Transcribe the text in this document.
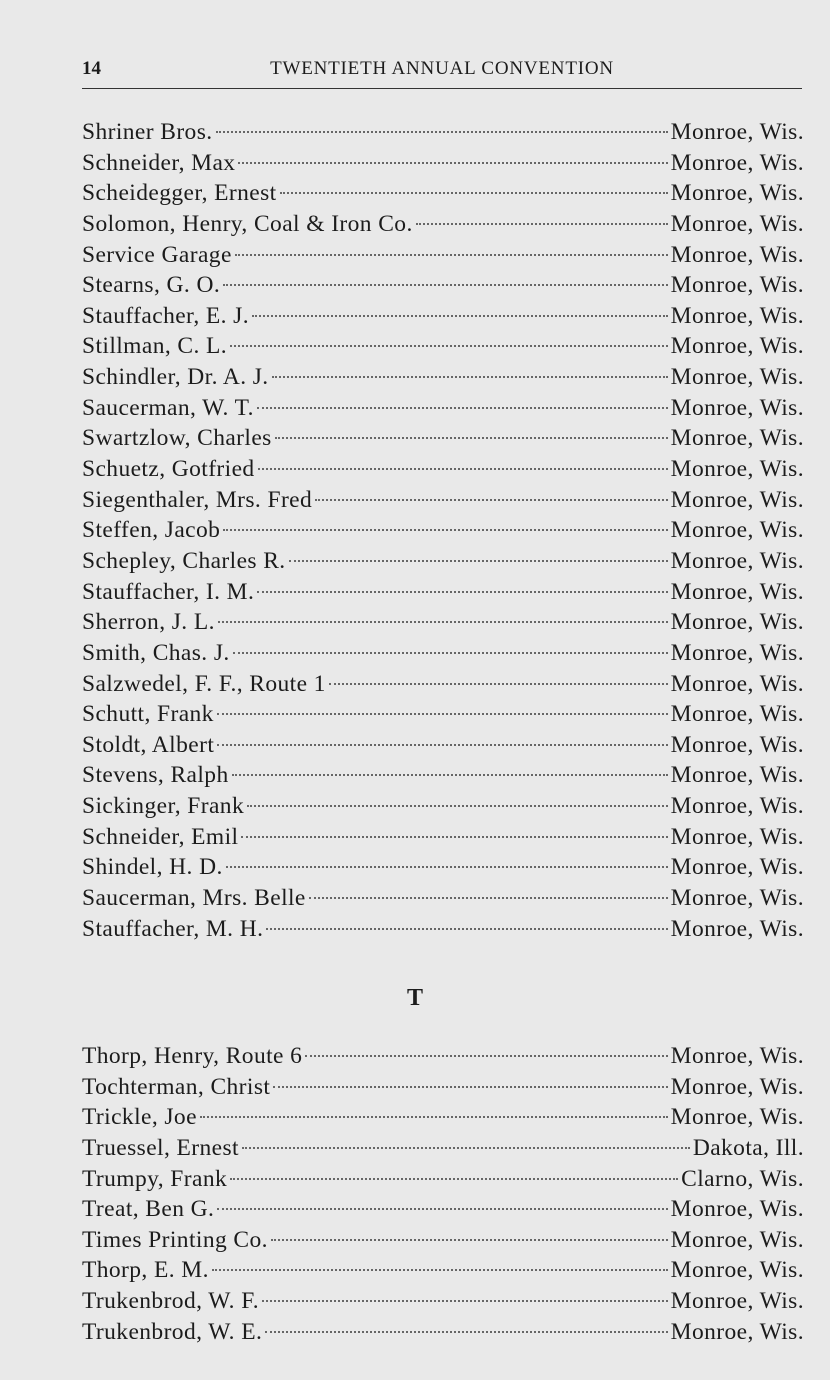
14	TWENTIETH ANNUAL CONVENTION
Shriner Bros.	Monroe, Wis.
Schneider, Max	Monroe, Wis.
Scheidegger, Ernest	Monroe, Wis.
Solomon, Henry, Coal & Iron Co.	Monroe, Wis.
Service Garage	Monroe, Wis.
Stearns, G. O.	Monroe, Wis.
Stauffacher, E. J.	Monroe, Wis.
Stillman, C. L.	Monroe, Wis.
Schindler, Dr. A. J.	Monroe, Wis.
Saucerman, W. T.	Monroe, Wis.
Swartzlow, Charles	Monroe, Wis.
Schuetz, Gotfried	Monroe, Wis.
Siegenthaler, Mrs. Fred	Monroe, Wis.
Steffen, Jacob	Monroe, Wis.
Schepley, Charles R.	Monroe, Wis.
Stauffacher, I. M.	Monroe, Wis.
Sherron, J. L.	Monroe, Wis.
Smith, Chas. J.	Monroe, Wis.
Salzwedel, F. F., Route 1	Monroe, Wis.
Schutt, Frank	Monroe, Wis.
Stoldt, Albert	Monroe, Wis.
Stevens, Ralph	Monroe, Wis.
Sickinger, Frank	Monroe, Wis.
Schneider, Emil	Monroe, Wis.
Shindel, H. D.	Monroe, Wis.
Saucerman, Mrs. Belle	Monroe, Wis.
Stauffacher, M. H.	Monroe, Wis.
T
Thorp, Henry, Route 6	Monroe, Wis.
Tochterman, Christ	Monroe, Wis.
Trickle, Joe	Monroe, Wis.
Truessel, Ernest	Dakota, Ill.
Trumpy, Frank	Clarno, Wis.
Treat, Ben G.	Monroe, Wis.
Times Printing Co.	Monroe, Wis.
Thorp, E. M.	Monroe, Wis.
Trukenbrod, W. F.	Monroe, Wis.
Trukenbrod, W. E.	Monroe, Wis.
